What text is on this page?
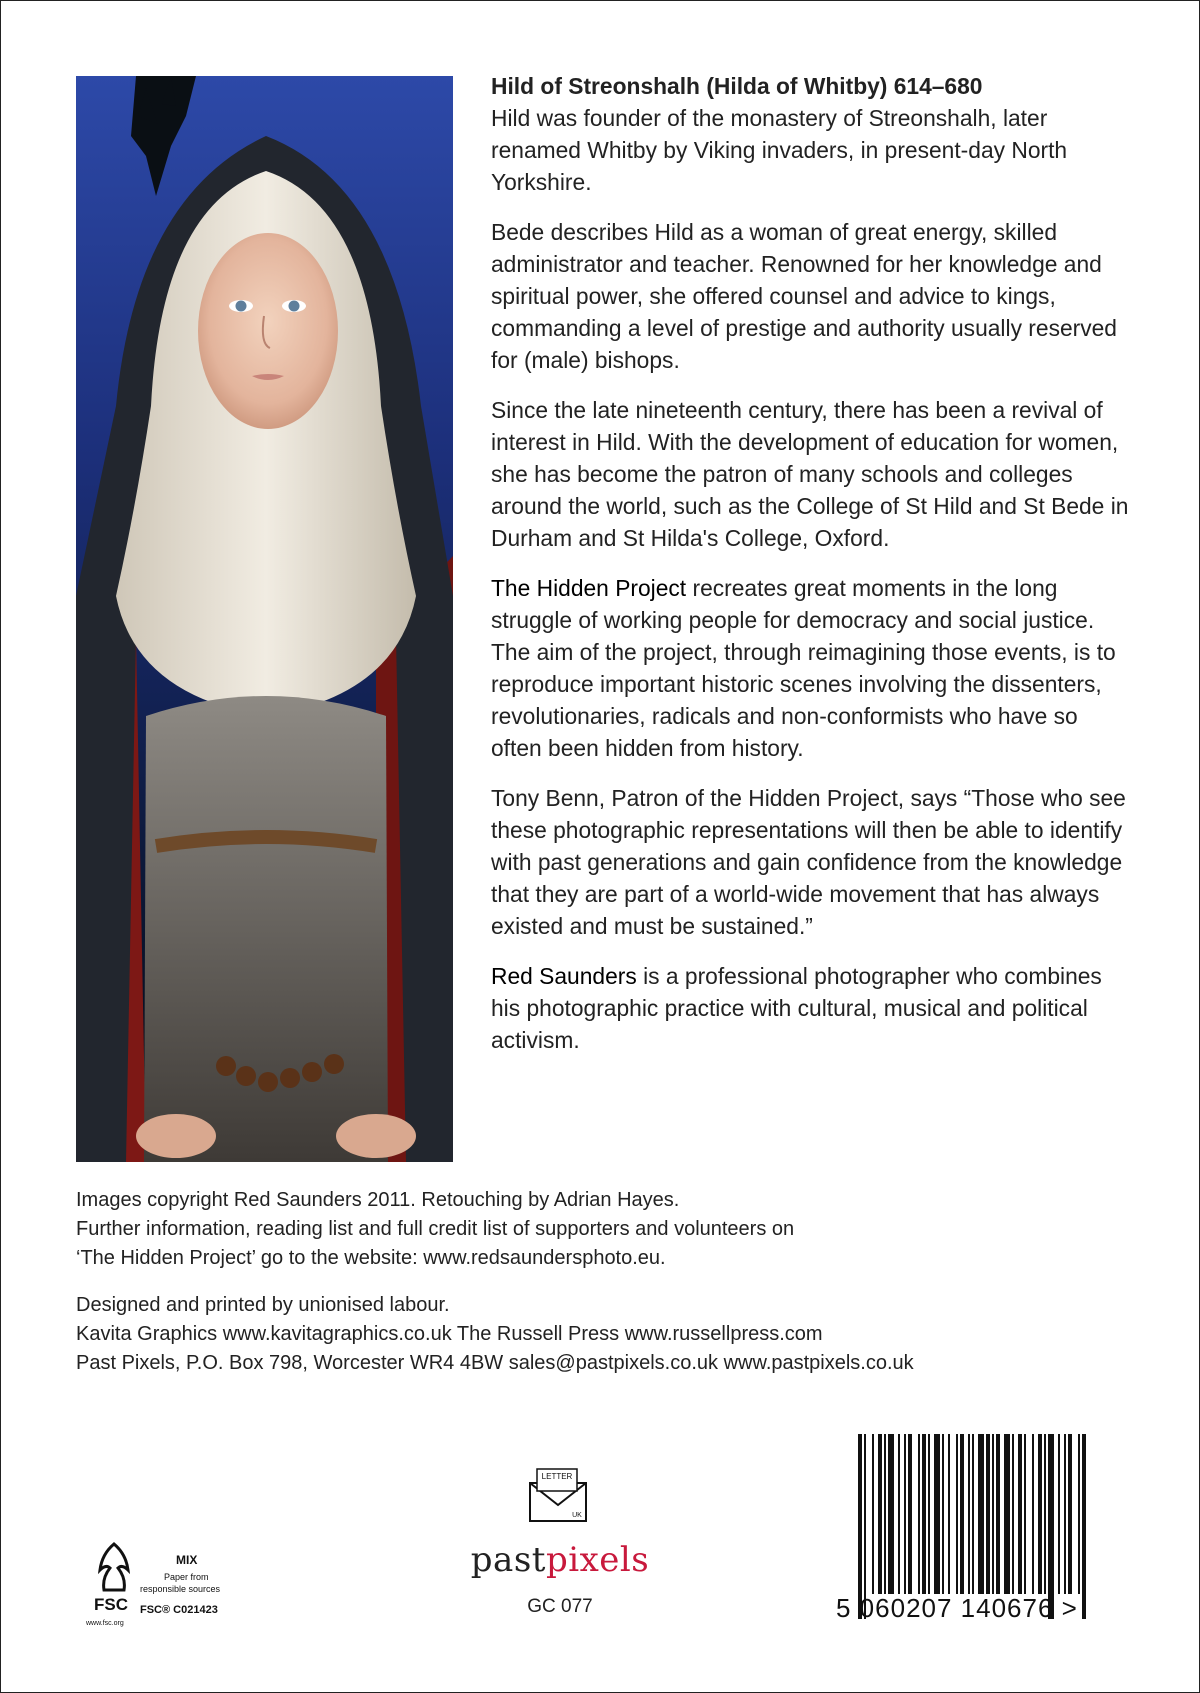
Hild of Streonshalh (Hilda of Whitby) 614–680
Hild was founder of the monastery of Streonshalh, later renamed Whitby by Viking invaders, in present-day North Yorkshire.

Bede describes Hild as a woman of great energy, skilled administrator and teacher. Renowned for her knowledge and spiritual power, she offered counsel and advice to kings, commanding a level of prestige and authority usually reserved for (male) bishops.

Since the late nineteenth century, there has been a revival of interest in Hild. With the development of education for women, she has become the patron of many schools and colleges around the world, such as the College of St Hild and St Bede in Durham and St Hilda's College, Oxford.

The Hidden Project recreates great moments in the long struggle of working people for democracy and social justice. The aim of the project, through reimagining those events, is to reproduce important historic scenes involving the dissenters, revolutionaries, radicals and non-conformists who have so often been hidden from history.

Tony Benn, Patron of the Hidden Project, says “Those who see these photographic representations will then be able to identify with past generations and gain confidence from the knowledge that they are part of a world-wide movement that has always existed and must be sustained.”

Red Saunders is a professional photographer who combines his photographic practice with cultural, musical and political activism.

Images copyright Red Saunders 2011. Retouching by Adrian Hayes.
Further information, reading list and full credit list of supporters and volunteers on
‘The Hidden Project’ go to the website: www.redsaundersphoto.eu.

Designed and printed by unionised labour.
Kavita Graphics www.kavitagraphics.co.uk The Russell Press www.russellpress.com
Past Pixels, P.O. Box 798, Worcester WR4 4BW sales@pastpixels.co.uk www.pastpixels.co.uk

FSC
www.fsc.org
MIX
Paper from
responsible sources
FSC® C021423
LETTER
UK
pastpixels
GC 077	5 060207 140676 >
